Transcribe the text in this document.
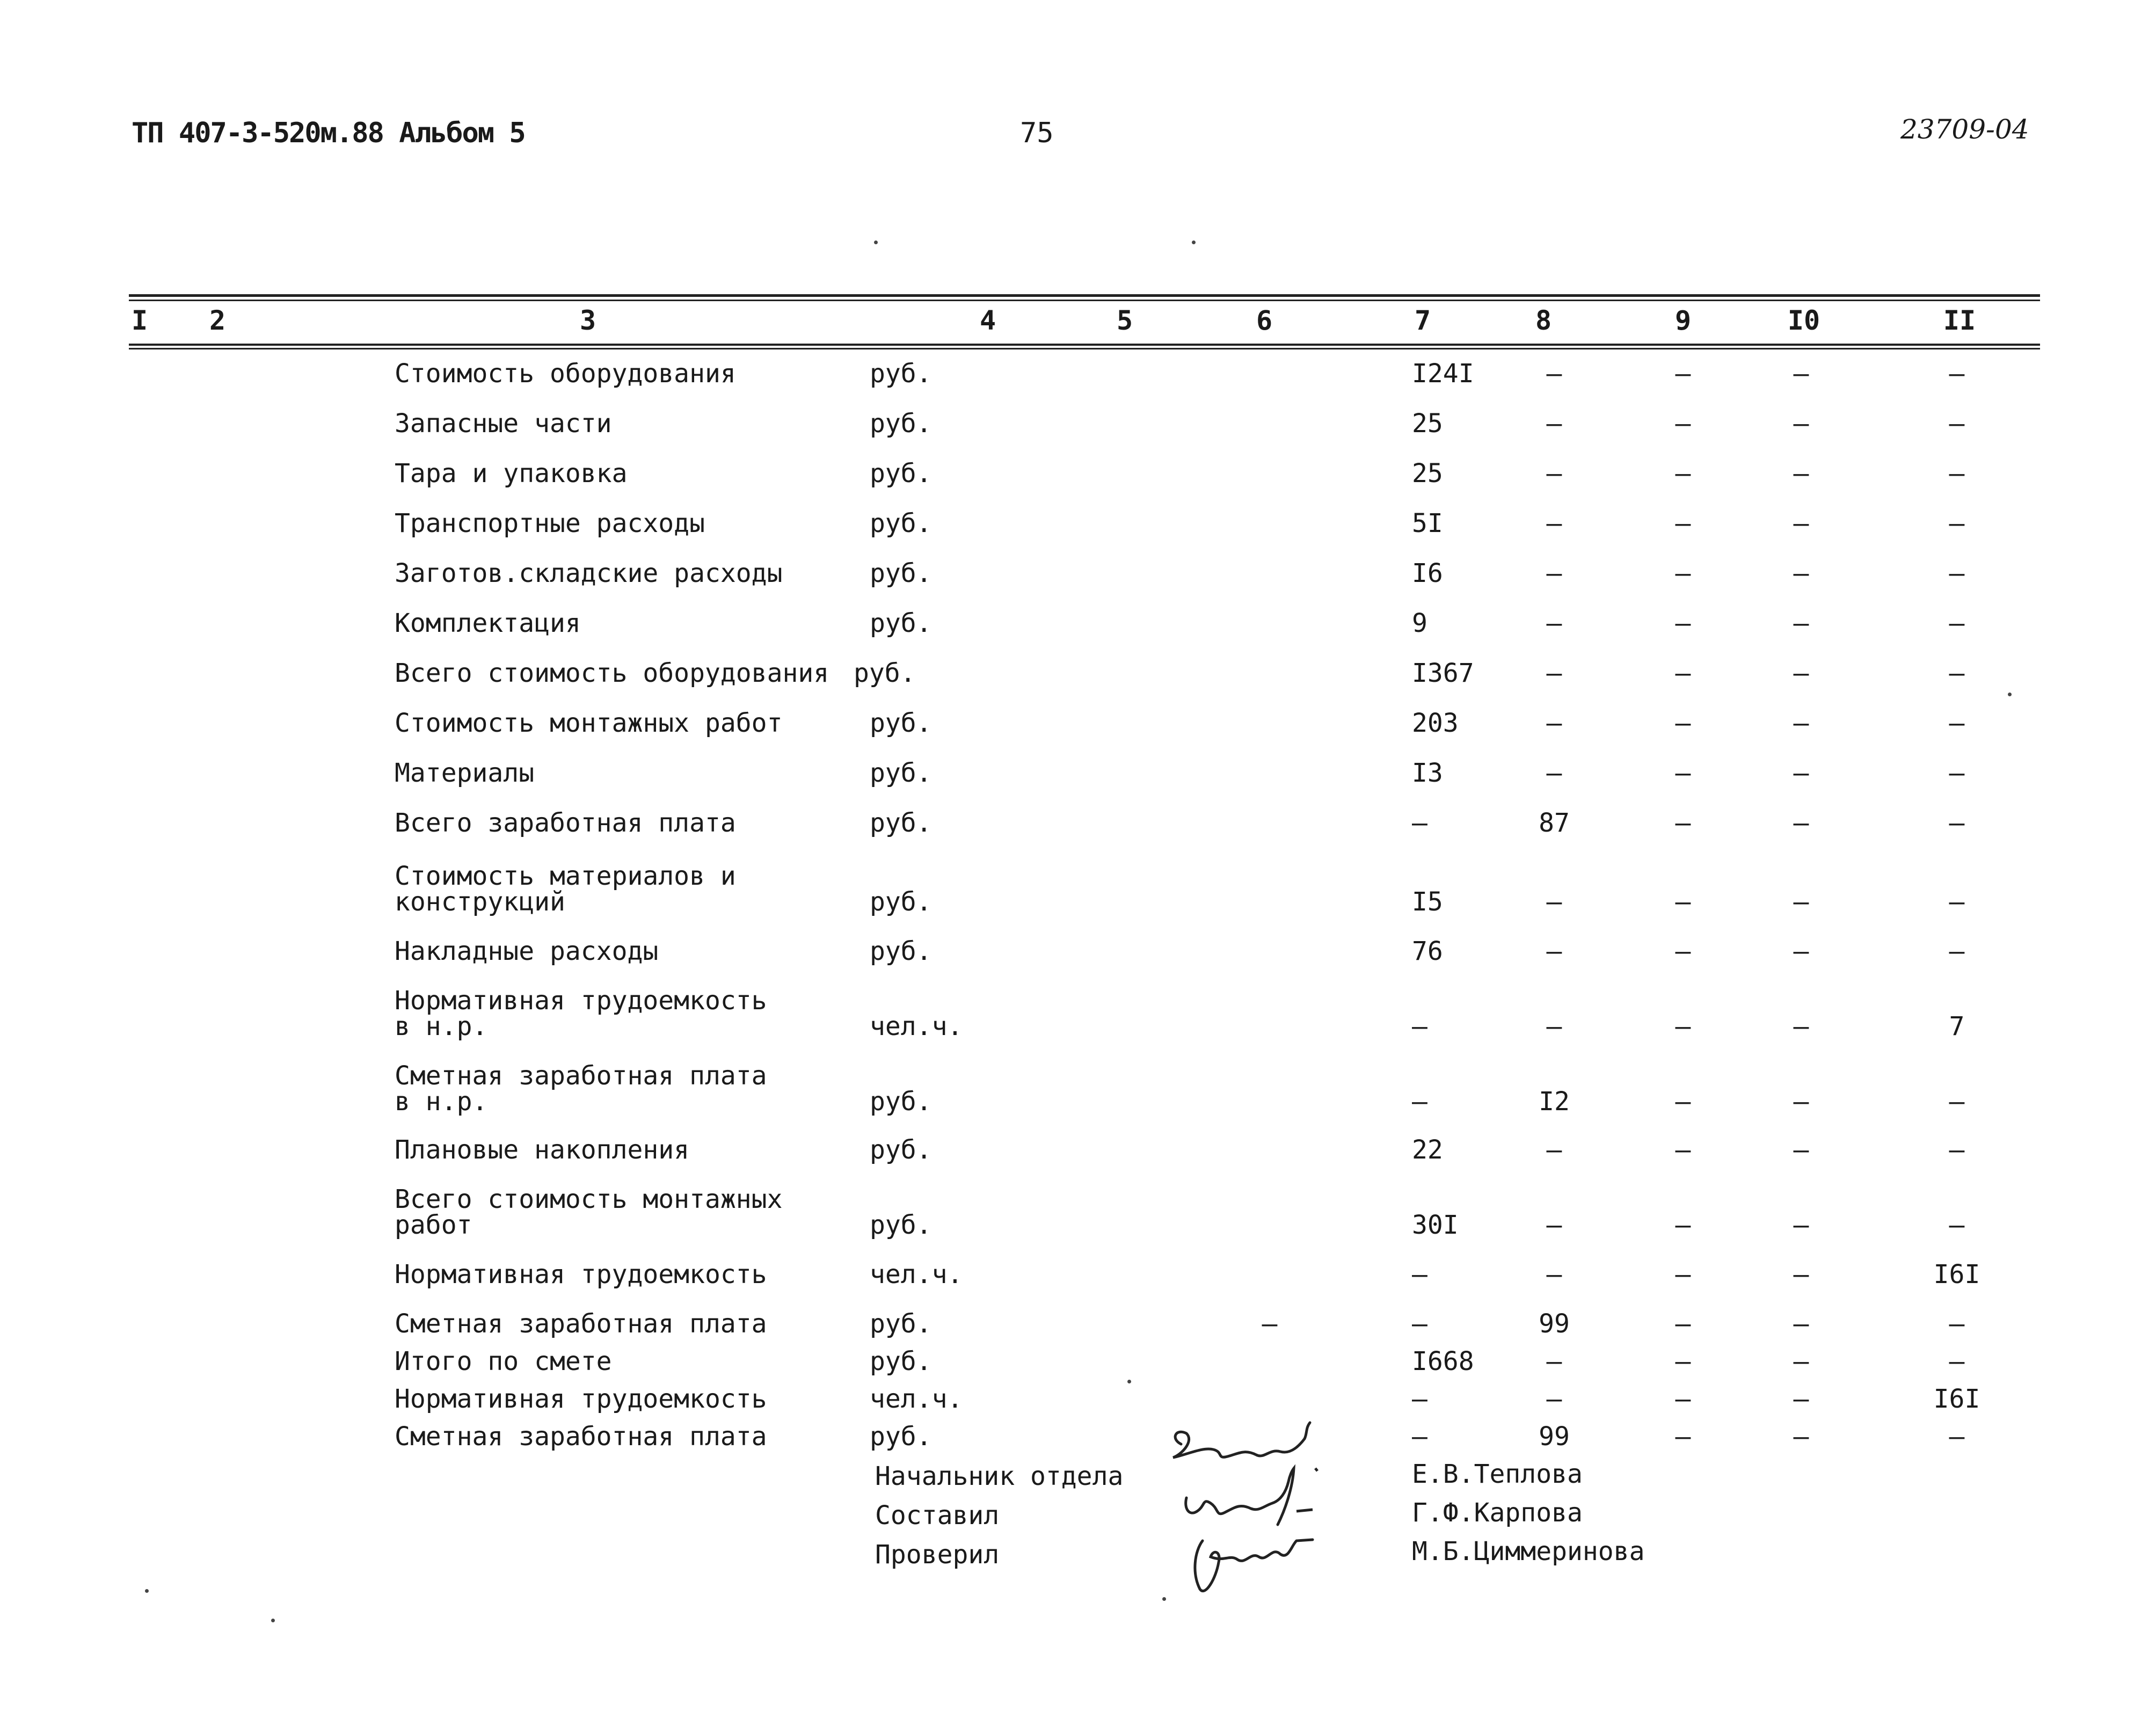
ТП 407-3-520м.88 Альбом 5	75	23709-04
I	2	3	4	5	6	7	8	9	I0	II
Стоимость оборудования	руб.	I24I	–	–	–	–
Запасные части	руб.	25	–	–	–	–
Тара и упаковка	руб.	25	–	–	–	–
Транспортные расходы	руб.	5I	–	–	–	–
Заготов.складские расходы	руб.	I6	–	–	–	–
Комплектация	руб.	9	–	–	–	–
Всего стоимость оборудования руб.	I367	–	–	–	–
Стоимость монтажных работ	руб.	203	–	–	–	–
Материалы	руб.	I3	–	–	–	–
Всего заработная плата	руб.	–	87	–	–	–
Стоимость материалов и
конструкций	руб.	I5	–	–	–	–
Накладные расходы	руб.	76	–	–	–	–
Нормативная трудоемкость
в н.р.	чел.ч.	–	–	–	–	7
Сметная заработная плата
в н.р.	руб.	–	I2	–	–	–
Плановые накопления	руб.	22	–	–	–	–
Всего стоимость монтажных
работ	руб.	30I	–	–	–	–
Нормативная трудоемкость	чел.ч.	–	–	–	–	I6I
Сметная заработная плата	руб.	–	–	99	–	–	–
Итого по смете	руб.	I668	–	–	–	–
Нормативная трудоемкость	чел.ч.	–	–	–	–	I6I
Сметная заработная плата	руб.	–	99	–	–	–
Начальник отдела	Е.В.Теплова
Составил	Г.Ф.Карпова
Проверил	М.Б.Циммеринова
